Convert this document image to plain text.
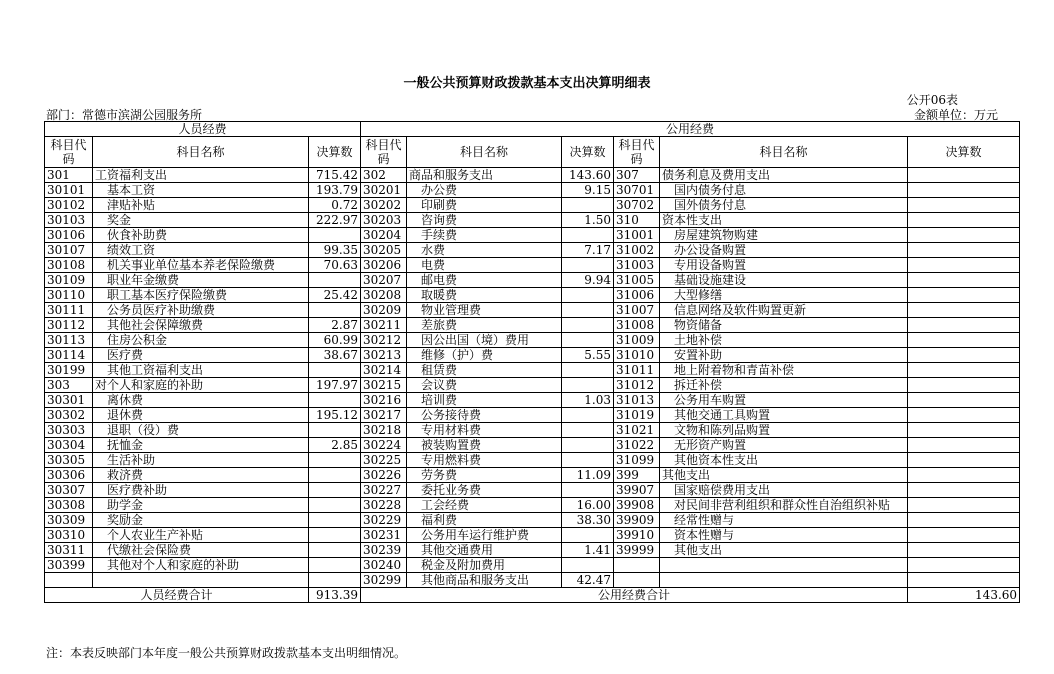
一般公共预算财政拨款基本支出决算明细表
公开06表
部门：常德市滨湖公园服务所	金额单位：万元
人员经费			公用经费					
科目代码	科目名称	决算数	科目代码	科目名称	决算数	科目代码	科目名称	决算数
301	工资福利支出	715.42	302	商品和服务支出	143.60	307	债务利息及费用支出	
30101	基本工资	193.79	30201	办公费	9.15	30701	国内债务付息	
30102	津贴补贴	0.72	30202	印刷费		30702	国外债务付息	
30103	奖金	222.97	30203	咨询费	1.50	310	资本性支出	
30106	伙食补助费		30204	手续费		31001	房屋建筑物购建	
30107	绩效工资	99.35	30205	水费	7.17	31002	办公设备购置	
30108	机关事业单位基本养老保险缴费	70.63	30206	电费		31003	专用设备购置	
30109	职业年金缴费		30207	邮电费	9.94	31005	基础设施建设	
30110	职工基本医疗保险缴费	25.42	30208	取暖费		31006	大型修缮	
30111	公务员医疗补助缴费		30209	物业管理费		31007	信息网络及软件购置更新	
30112	其他社会保障缴费	2.87	30211	差旅费		31008	物资储备	
30113	住房公积金	60.99	30212	因公出国（境）费用		31009	土地补偿	
30114	医疗费	38.67	30213	维修（护）费	5.55	31010	安置补助	
30199	其他工资福利支出		30214	租赁费		31011	地上附着物和青苗补偿	
303	对个人和家庭的补助	197.97	30215	会议费		31012	拆迁补偿	
30301	离休费		30216	培训费	1.03	31013	公务用车购置	
30302	退休费	195.12	30217	公务接待费		31019	其他交通工具购置	
30303	退职（役）费		30218	专用材料费		31021	文物和陈列品购置	
30304	抚恤金	2.85	30224	被装购置费		31022	无形资产购置	
30305	生活补助		30225	专用燃料费		31099	其他资本性支出	
30306	救济费		30226	劳务费	11.09	399	其他支出	
30307	医疗费补助		30227	委托业务费		39907	国家赔偿费用支出	
30308	助学金		30228	工会经费	16.00	39908	对民间非营利组织和群众性自治组织补贴	
30309	奖励金		30229	福利费	38.30	39909	经常性赠与	
30310	个人农业生产补贴		30231	公务用车运行维护费		39910	资本性赠与	
30311	代缴社会保险费		30239	其他交通费用	1.41	39999	其他支出	
30399	其他对个人和家庭的补助		30240	税金及附加费用				
			30299	其他商品和服务支出	42.47			
人员经费合计		913.39	公用经费合计					143.60
注：本表反映部门本年度一般公共预算财政拨款基本支出明细情况。
